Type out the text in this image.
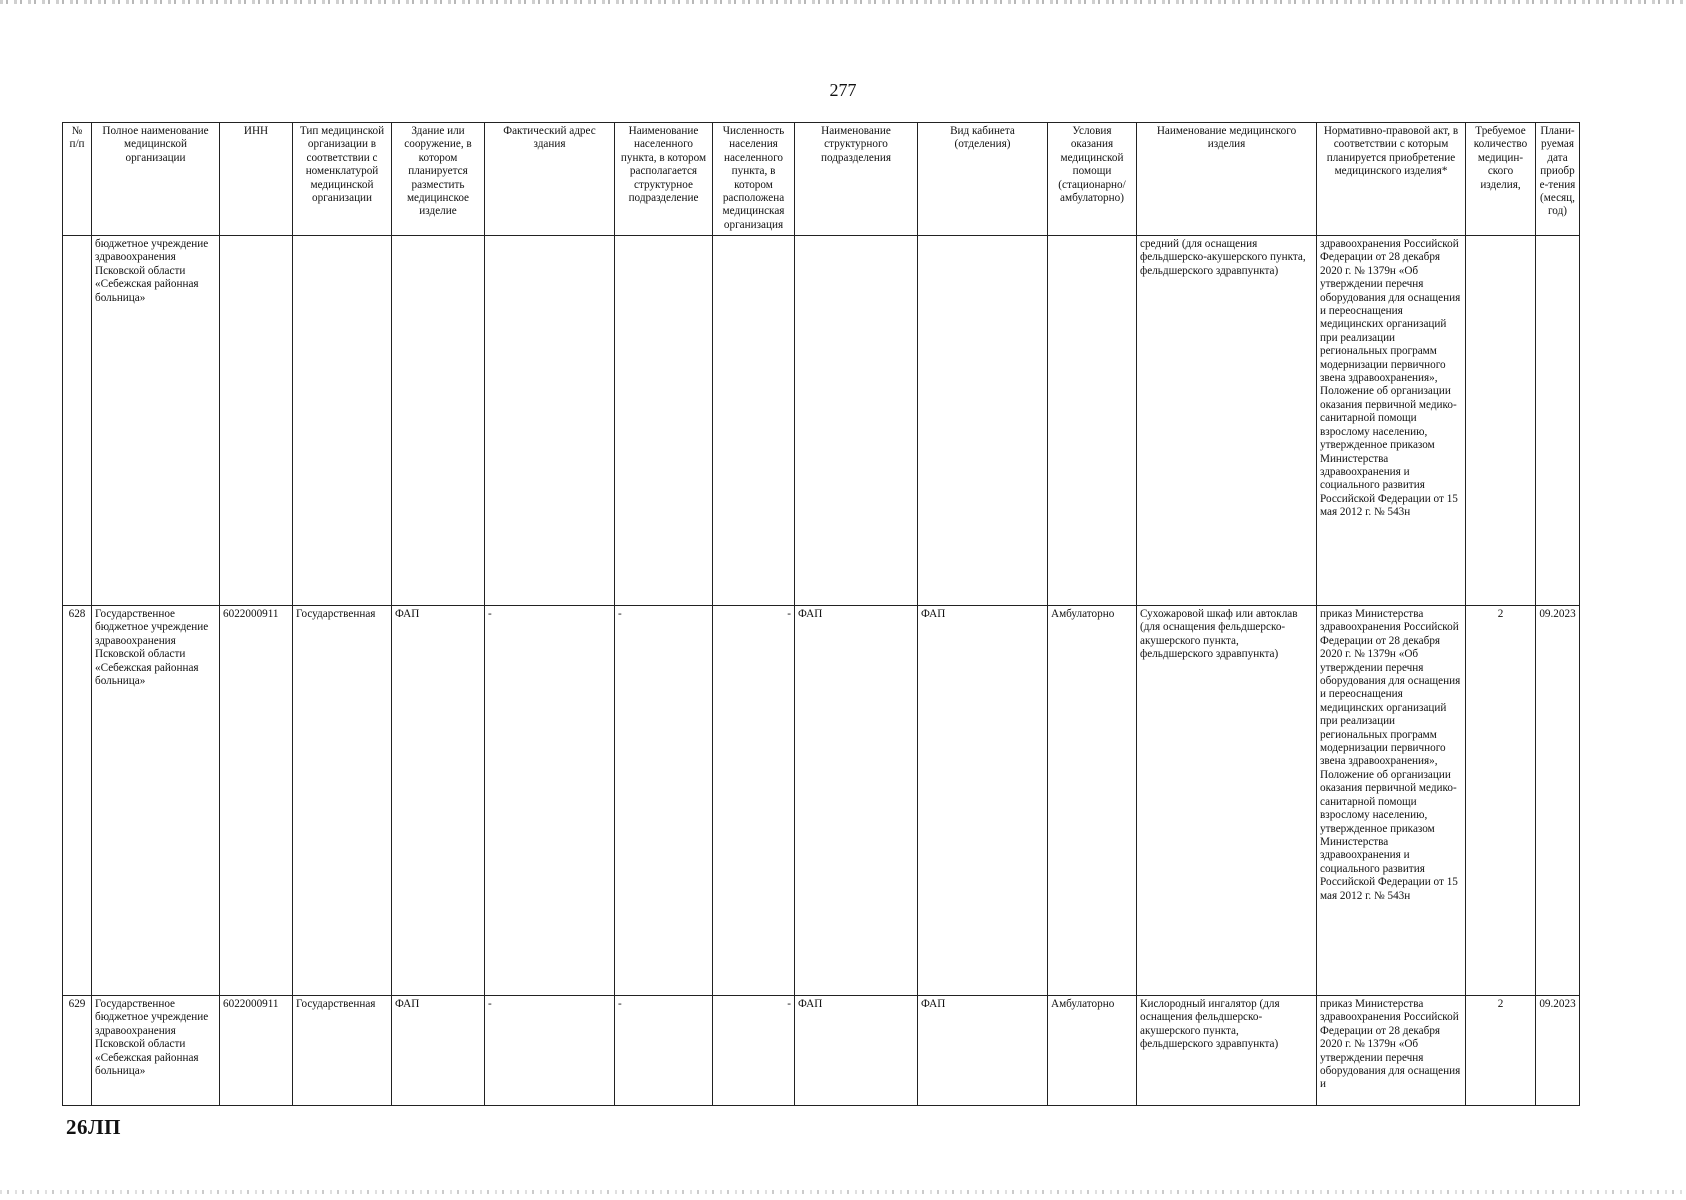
277
№ п/п	Полное наименование медицинской организации	ИНН	Тип медицинской организации в соответствии с номенклатурой медицинской организации	Здание или сооружение, в котором планируется разместить медицинское изделие	Фактический адрес здания	Наименование населенного пункта, в котором располагается структурное подразделение	Численность населения населенного пункта, в котором расположена медицинская организация	Наименование структурного подразделения	Вид кабинета (отделения)	Условия оказания медицинской помощи (стационарно/ амбулаторно)	Наименование медицинского изделия	Нормативно-правовой акт, в соответствии с которым планируется приобретение медицинского изделия*	Требуемое количество медицин-ского изделия,	Плани-руемая дата приобре-тения (месяц, год)
	бюджетное учреждение здравоохранения Псковской области «Себежская районная больница»										средний (для оснащения фельдшерско-акушерского пункта, фельдшерского здравпункта)	здравоохранения Российской Федерации от 28 декабря 2020 г. № 1379н «Об утверждении перечня оборудования для оснащения и переоснащения медицинских организаций при реализации региональных программ модернизации первичного звена здравоохранения», Положение об организации оказания первичной медико-санитарной помощи взрослому населению, утвержденное приказом Министерства здравоохранения и социального развития Российской Федерации от 15 мая 2012 г. № 543н		
628	Государственное бюджетное учреждение здравоохранения Псковской области «Себежская районная больница»	6022000911	Государственная	ФАП	-	-	-	ФАП	ФАП	Амбулаторно	Сухожаровой шкаф или автоклав (для оснащения фельдшерско-акушерского пункта, фельдшерского здравпункта)	приказ Министерства здравоохранения Российской Федерации от 28 декабря 2020 г. № 1379н «Об утверждении перечня оборудования для оснащения и переоснащения медицинских организаций при реализации региональных программ модернизации первичного звена здравоохранения», Положение об организации оказания первичной медико-санитарной помощи взрослому населению, утвержденное приказом Министерства здравоохранения и социального развития Российской Федерации от 15 мая 2012 г. № 543н	2	09.2023
629	Государственное бюджетное учреждение здравоохранения Псковской области «Себежская районная больница»	6022000911	Государственная	ФАП	-	-	-	ФАП	ФАП	Амбулаторно	Кислородный ингалятор (для оснащения фельдшерско-акушерского пункта, фельдшерского здравпункта)	приказ Министерства здравоохранения Российской Федерации от 28 декабря 2020 г. № 1379н «Об утверждении перечня оборудования для оснащения и	2	09.2023
26ЛП
